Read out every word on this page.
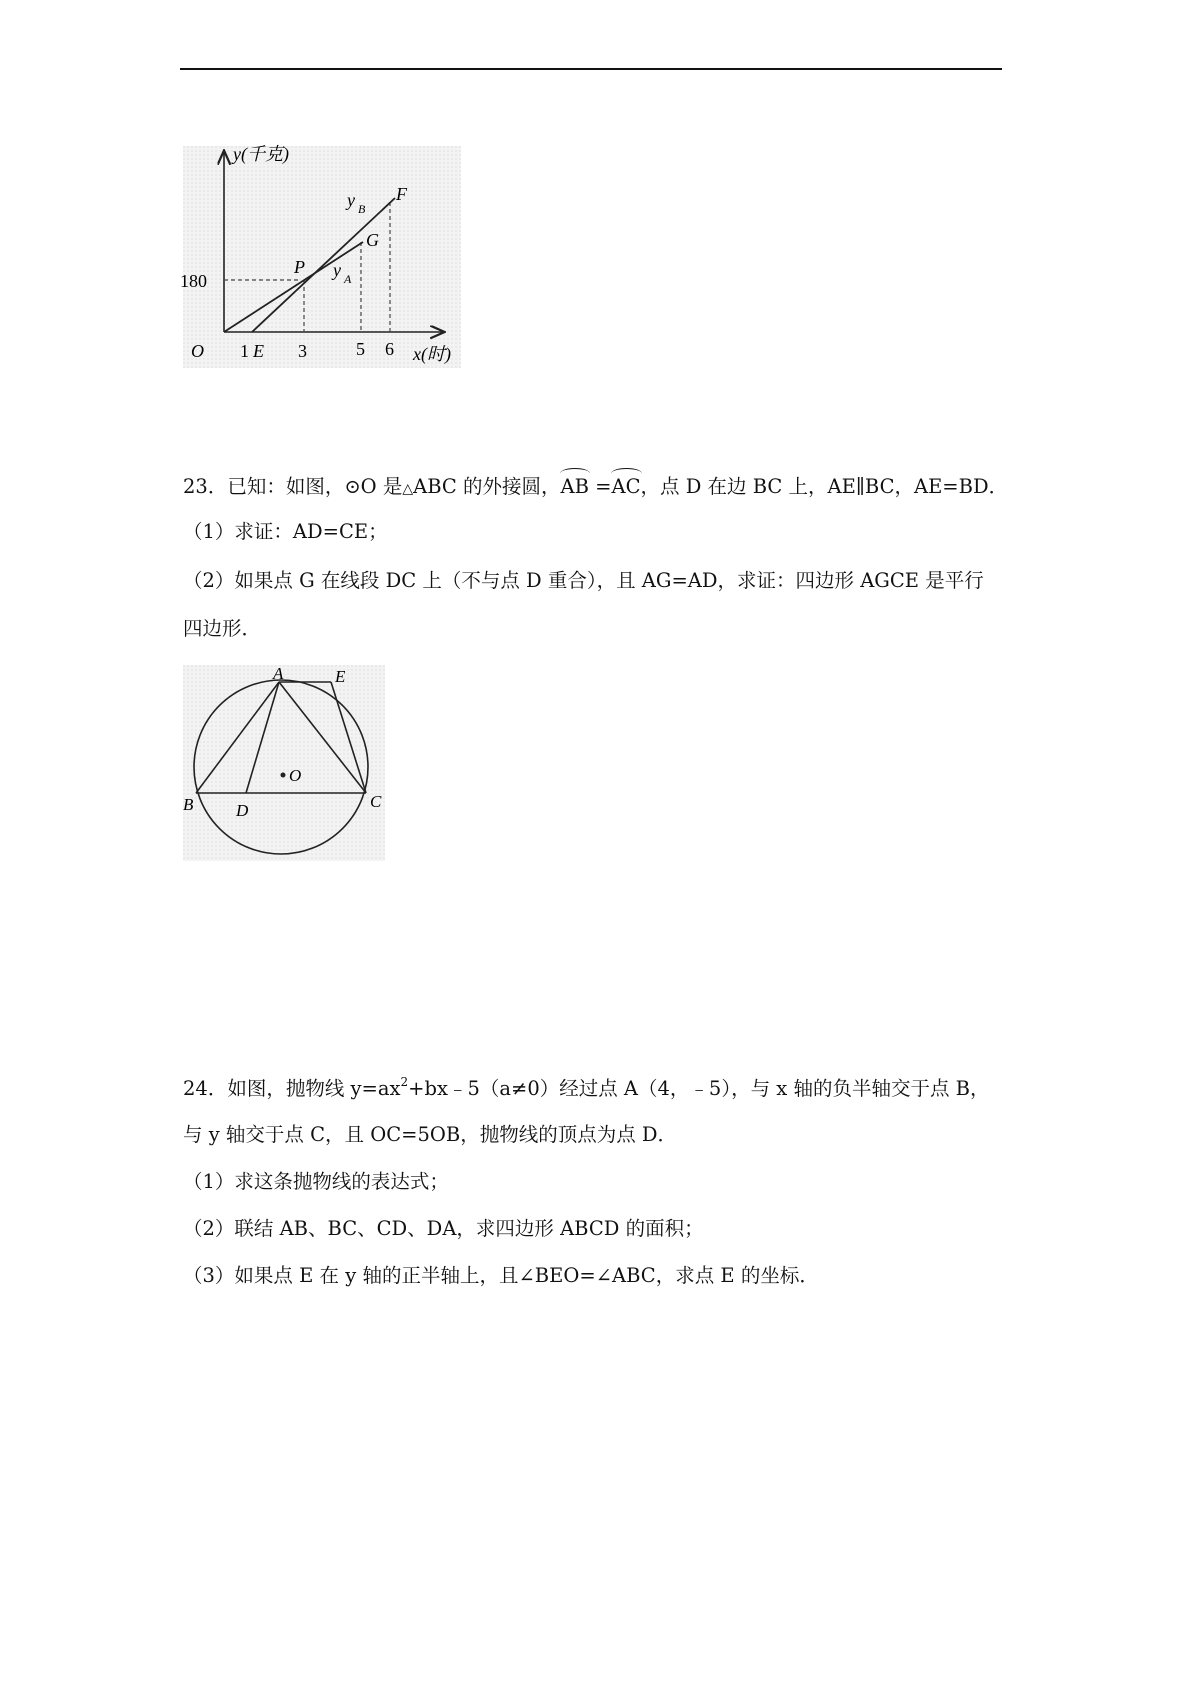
y(千克)
x(时)
O
180
1	3	5 6
E
P
G
F
y B
y A
23．已知：如图，⊙O 是△ABC 的外接圆，AB =AC，点 D 在边 BC 上，AE∥BC，AE=BD．
（1）求证：AD=CE；
（2）如果点 G 在线段 DC 上（不与点 D 重合），且 AG=AD，求证：四边形 AGCE 是平行
四边形．
A	E
B	C
D
O
24．如图，抛物线 $y=ax^2+bx﹣5(a\ne 0)$经过点 A（4，﹣5），与 x 轴的负半轴交于点 B，
与 y 轴交于点 C，且 OC=5OB，抛物线的顶点为点 D．
（1）求这条抛物线的表达式；
（2）联结 AB、BC、CD、DA，求四边形 ABCD 的面积；
（3）如果点 E 在 y 轴的正半轴上，且∠BEO=∠ABC，求点 E 的坐标．
